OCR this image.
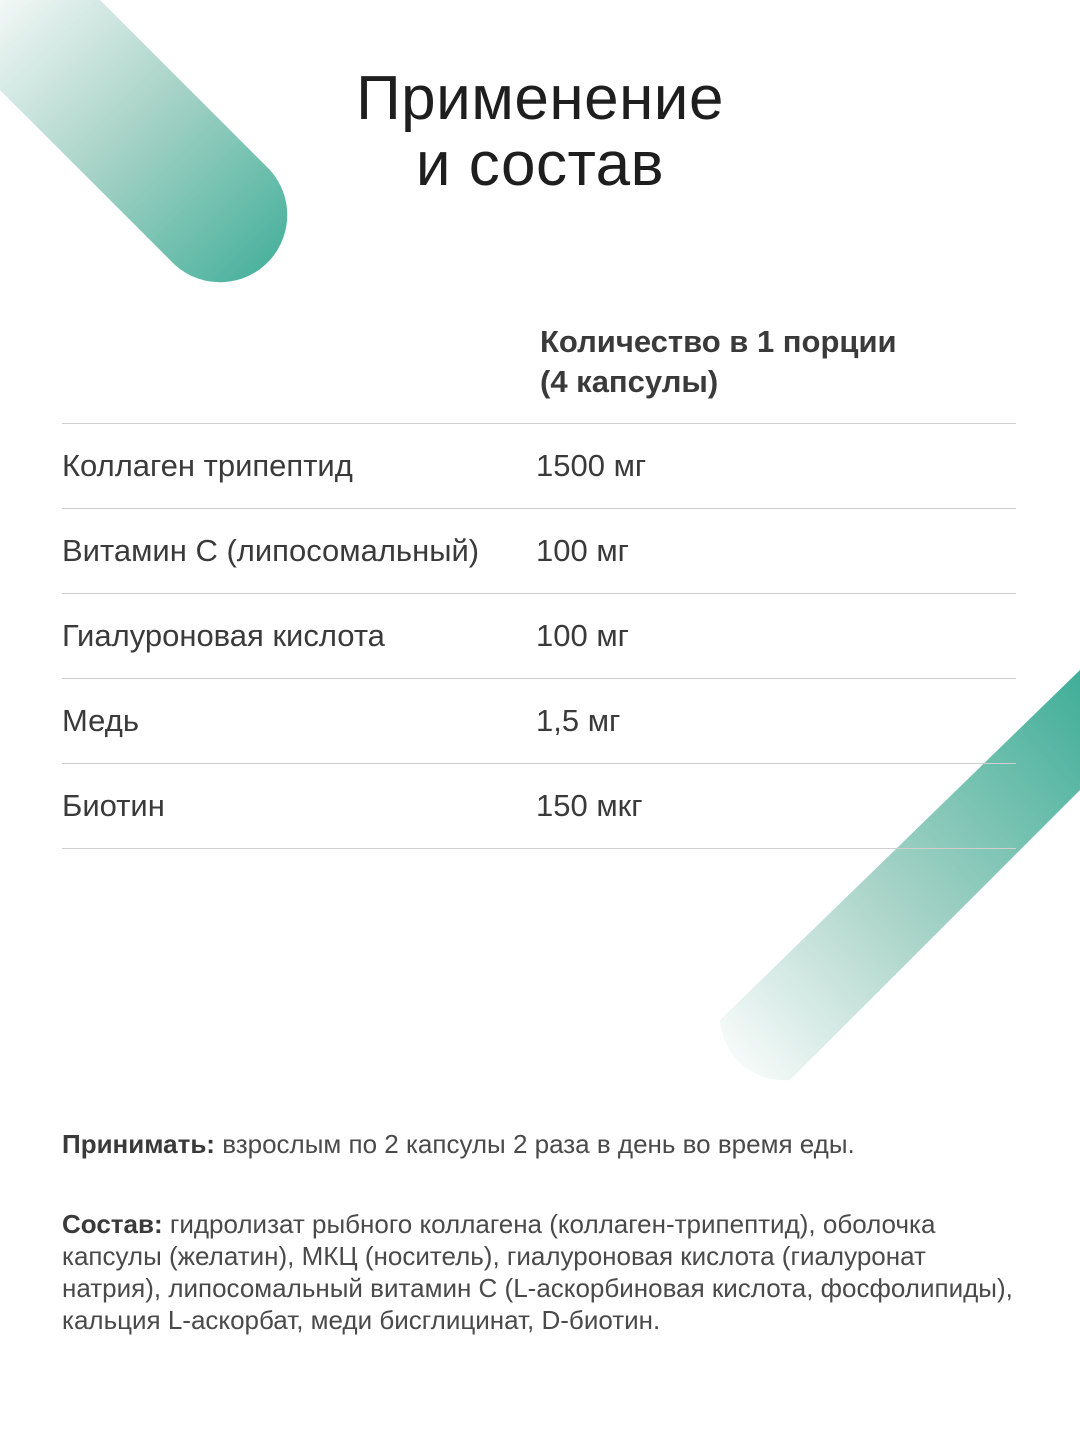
Применение
и состав
Количество в 1 порции
(4 капсулы)
Коллаген трипептид	1500 мг
Витамин С (липосомальный)	100 мг
Гиалуроновая кислота	100 мг
Медь	1,5 мг
Биотин	150 мкг
Принимать: взрослым по 2 капсулы 2 раза в день во время еды.
Состав: гидролизат рыбного коллагена (коллаген-трипептид), оболочка капсулы (желатин), МКЦ (носитель), гиалуроновая кислота (гиалуронат натрия), липосомальный витамин С (L-аскорбиновая кислота, фосфолипиды), кальция L-аскорбат, меди бисглицинат, D-биотин.
